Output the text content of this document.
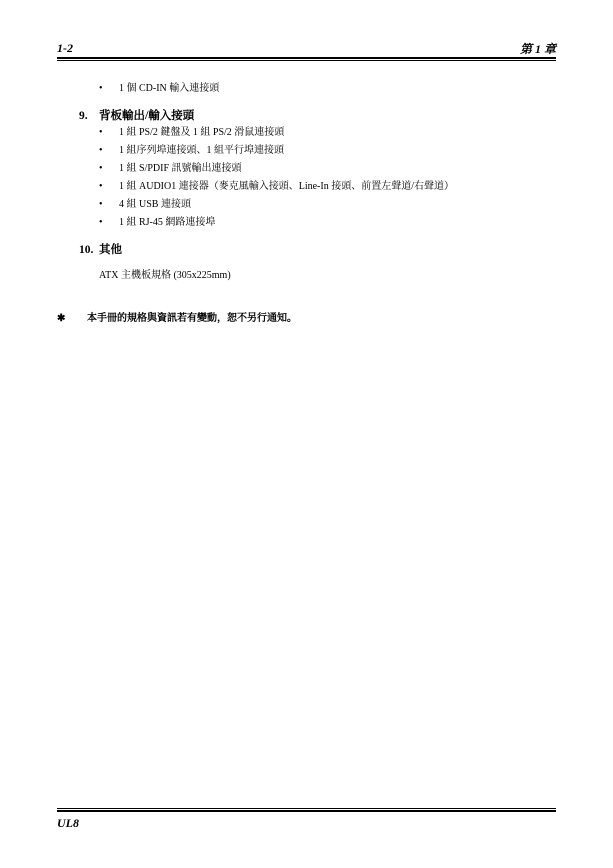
1-2	第 1 章
• 1 個 CD-IN 輸入連接頭
9. 背板輸出/輸入接頭
• 1 組 PS/2 鍵盤及 1 組 PS/2 滑鼠連接頭
• 1 組序列埠連接頭、1 組平行埠連接頭
• 1 組 S/PDIF 訊號輸出連接頭
• 1 組 AUDIO1 連接器（麥克風輸入接頭、Line-In 接頭、前置左聲道/右聲道）
• 4 組 USB 連接頭
• 1 組 RJ-45 網路連接埠
10. 其他
ATX 主機板規格 (305x225mm)
✱ 本手冊的規格與資訊若有變動，恕不另行通知。
UL8
